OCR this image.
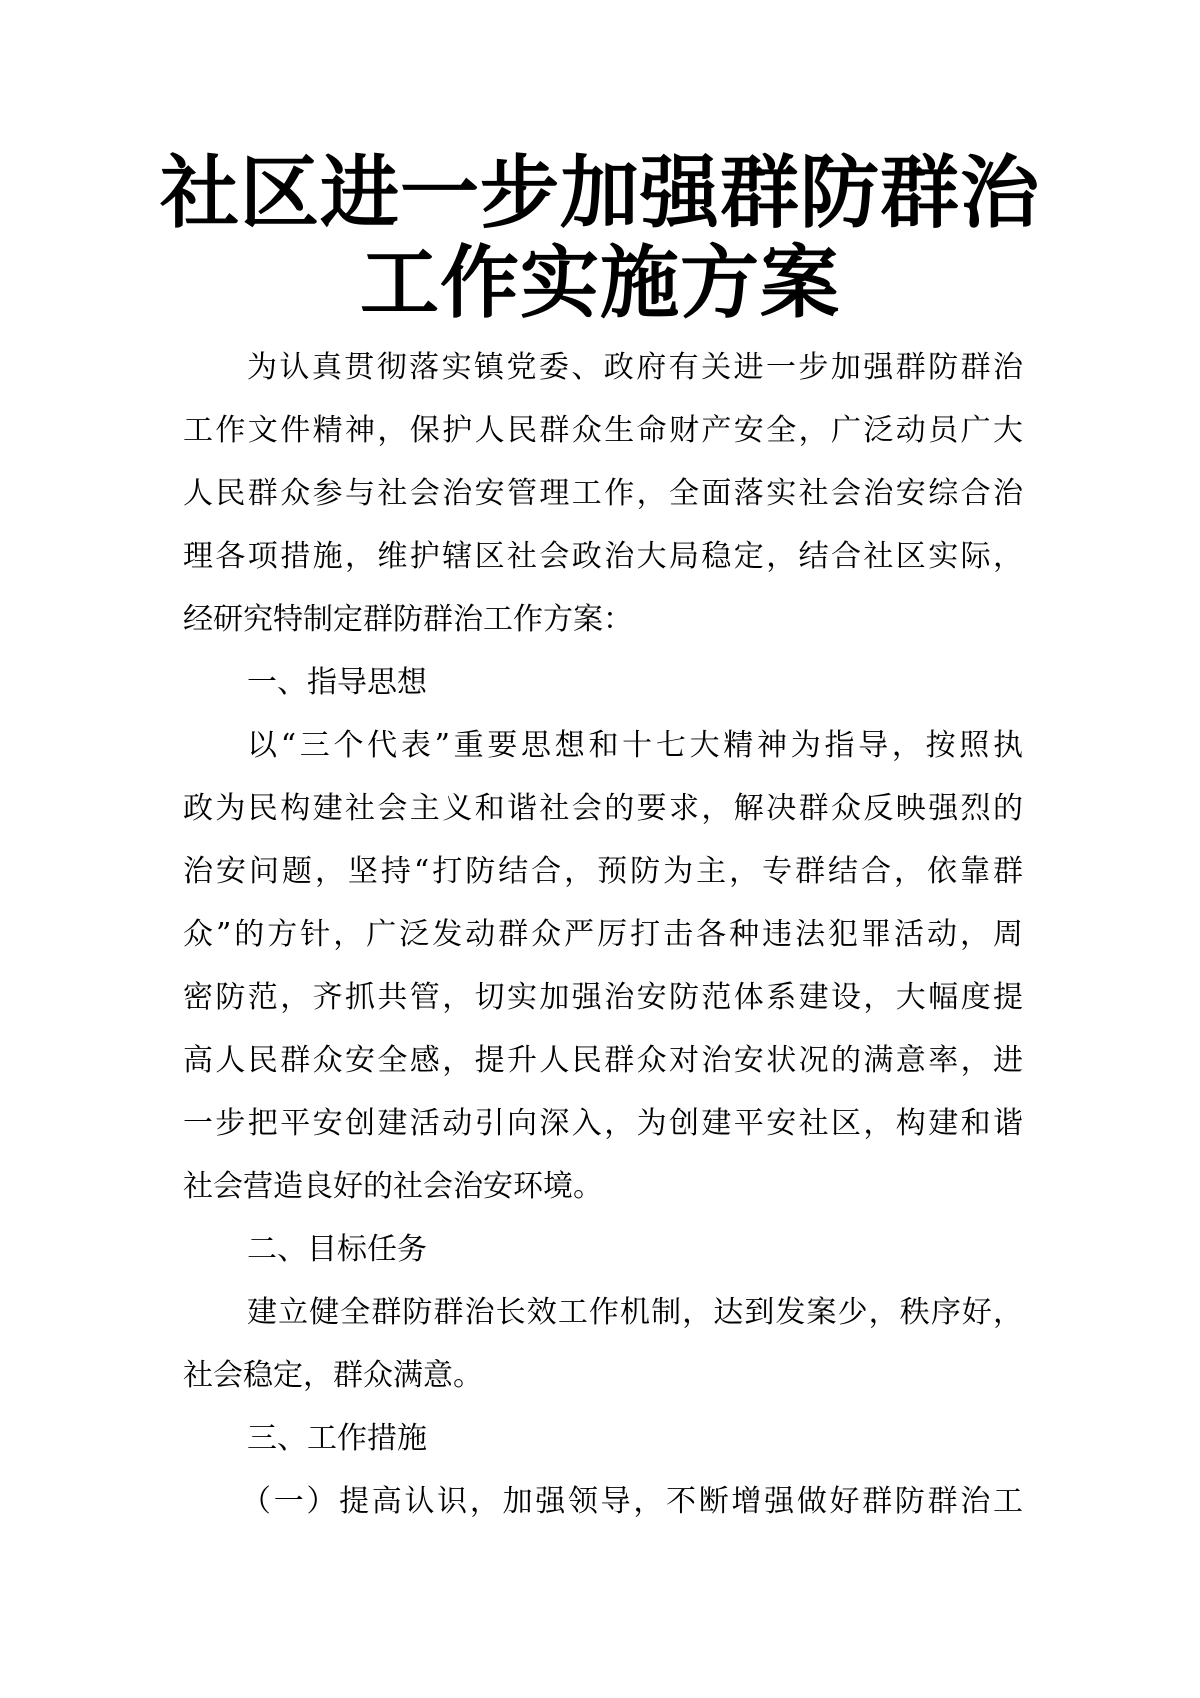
社区进一步加强群防群治
工作实施方案
为认真贯彻落实镇党委、政府有关进一步加强群防群治
工作文件精神，保护人民群众生命财产安全，广泛动员广大
人民群众参与社会治安管理工作，全面落实社会治安综合治
理各项措施，维护辖区社会政治大局稳定，结合社区实际，
经研究特制定群防群治工作方案：
一、指导思想
以“三个代表”重要思想和十七大精神为指导，按照执
政为民构建社会主义和谐社会的要求，解决群众反映强烈的
治安问题，坚持“打防结合，预防为主，专群结合，依靠群
众”的方针，广泛发动群众严厉打击各种违法犯罪活动，周
密防范，齐抓共管，切实加强治安防范体系建设，大幅度提
高人民群众安全感，提升人民群众对治安状况的满意率，进
一步把平安创建活动引向深入，为创建平安社区，构建和谐
社会营造良好的社会治安环境。
二、目标任务
建立健全群防群治长效工作机制，达到发案少，秩序好，
社会稳定，群众满意。
三、工作措施
（一）提高认识，加强领导，不断增强做好群防群治工
